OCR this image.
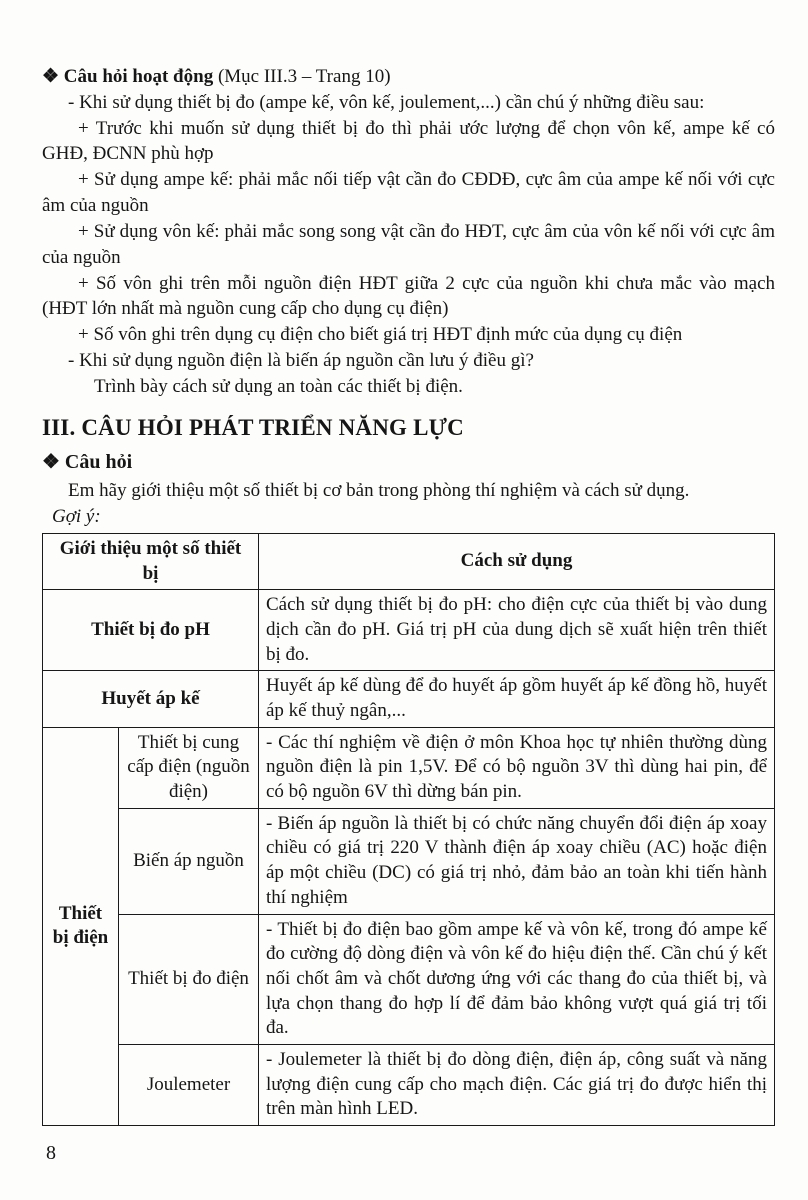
❖ Câu hỏi hoạt động (Mục III.3 – Trang 10)

- Khi sử dụng thiết bị đo (ampe kế, vôn kế, joulement,...) cần chú ý những điều sau:

+ Trước khi muốn sử dụng thiết bị đo thì phải ước lượng để chọn vôn kế, ampe kế có GHĐ, ĐCNN phù hợp

+ Sử dụng ampe kế: phải mắc nối tiếp vật cần đo CĐDĐ, cực âm của ampe kế nối với cực âm của nguồn

+ Sử dụng vôn kế: phải mắc song song vật cần đo HĐT, cực âm của vôn kế nối với cực âm của nguồn

+ Số vôn ghi trên mỗi nguồn điện HĐT giữa 2 cực của nguồn khi chưa mắc vào mạch (HĐT lớn nhất mà nguồn cung cấp cho dụng cụ điện)

+ Số vôn ghi trên dụng cụ điện cho biết giá trị HĐT định mức của dụng cụ điện

- Khi sử dụng nguồn điện là biến áp nguồn cần lưu ý điều gì?

Trình bày cách sử dụng an toàn các thiết bị điện.

III. CÂU HỎI PHÁT TRIỂN NĂNG LỰC
❖ Câu hỏi

Em hãy giới thiệu một số thiết bị cơ bản trong phòng thí nghiệm và cách sử dụng.

Gợi ý:

Giới thiệu một số thiết bị		Cách sử dụng
Thiết bị đo pH		Cách sử dụng thiết bị đo pH: cho điện cực của thiết bị vào dung dịch cần đo pH. Giá trị pH của dung dịch sẽ xuất hiện trên thiết bị đo.
Huyết áp kế		Huyết áp kế dùng để đo huyết áp gồm huyết áp kế đồng hồ, huyết áp kế thuỷ ngân,...
Thiết bị điện	Thiết bị cung cấp điện (nguồn điện)	- Các thí nghiệm về điện ở môn Khoa học tự nhiên thường dùng nguồn điện là pin 1,5V. Để có bộ nguồn 3V thì dùng hai pin, để có bộ nguồn 6V thì dừng bán pin.
	Biến áp nguồn	- Biến áp nguồn là thiết bị có chức năng chuyển đổi điện áp xoay chiều có giá trị 220 V thành điện áp xoay chiều (AC) hoặc điện áp một chiều (DC) có giá trị nhỏ, đảm bảo an toàn khi tiến hành thí nghiệm
	Thiết bị đo điện	- Thiết bị đo điện bao gồm ampe kế và vôn kế, trong đó ampe kế đo cường độ dòng điện và vôn kế đo hiệu điện thế. Cần chú ý kết nối chốt âm và chốt dương ứng với các thang đo của thiết bị, và lựa chọn thang đo hợp lí để đảm bảo không vượt quá giá trị tối đa.
	Joulemeter	- Joulemeter là thiết bị đo dòng điện, điện áp, công suất và năng lượng điện cung cấp cho mạch điện. Các giá trị đo được hiển thị trên màn hình LED.
8
